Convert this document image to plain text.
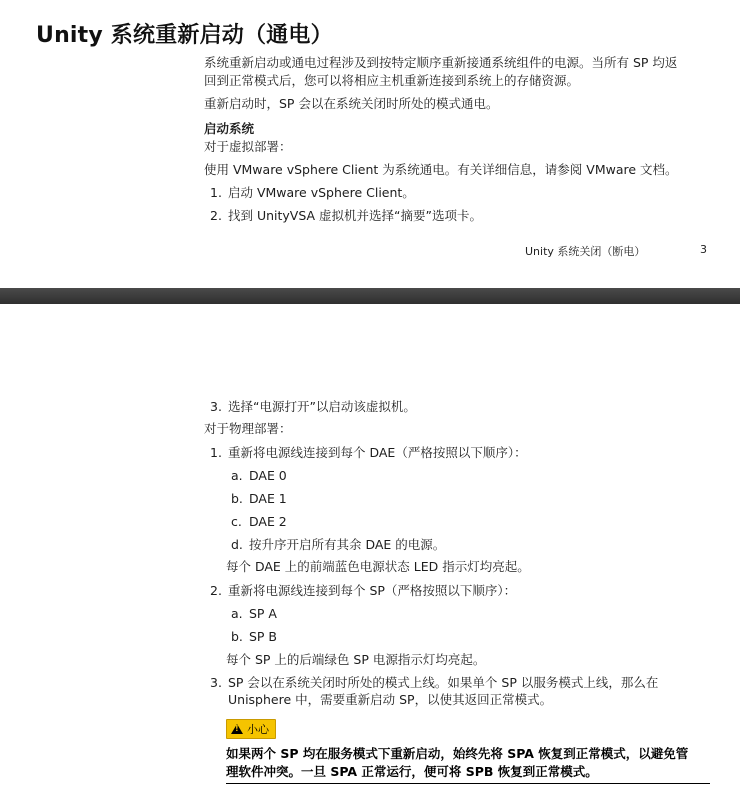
Unity 系统重新启动（通电）

系统重新启动或通电过程涉及到按特定顺序重新接通系统组件的电源。当所有 SP 均返

回到正常模式后，您可以将相应主机重新连接到系统上的存储资源。

重新启动时，SP 会以在系统关闭时所处的模式通电。

启动系统

对于虚拟部署：

使用 VMware vSphere Client 为系统通电。有关详细信息，请参阅 VMware 文档。

1. 启动 VMware vSphere Client。

2. 找到 UnityVSA 虚拟机并选择“摘要”选项卡。

Unity 系统关闭（断电）	3

3. 选择“电源打开”以启动该虚拟机。

对于物理部署：

1. 重新将电源线连接到每个 DAE（严格按照以下顺序）：

a. DAE 0

b. DAE 1

c. DAE 2

d. 按升序开启所有其余 DAE 的电源。

每个 DAE 上的前端蓝色电源状态 LED 指示灯均亮起。

2. 重新将电源线连接到每个 SP（严格按照以下顺序）：

a. SP A

b. SP B

每个 SP 上的后端绿色 SP 电源指示灯均亮起。

3. SP 会以在系统关闭时所处的模式上线。如果单个 SP 以服务模式上线，那么在

Unisphere 中，需要重新启动 SP，以使其返回正常模式。

!
小心

如果两个 SP 均在服务模式下重新启动，始终先将 SPA 恢复到正常模式，以避免管
理软件冲突。一旦 SPA 正常运行，便可将 SPB 恢复到正常模式。
